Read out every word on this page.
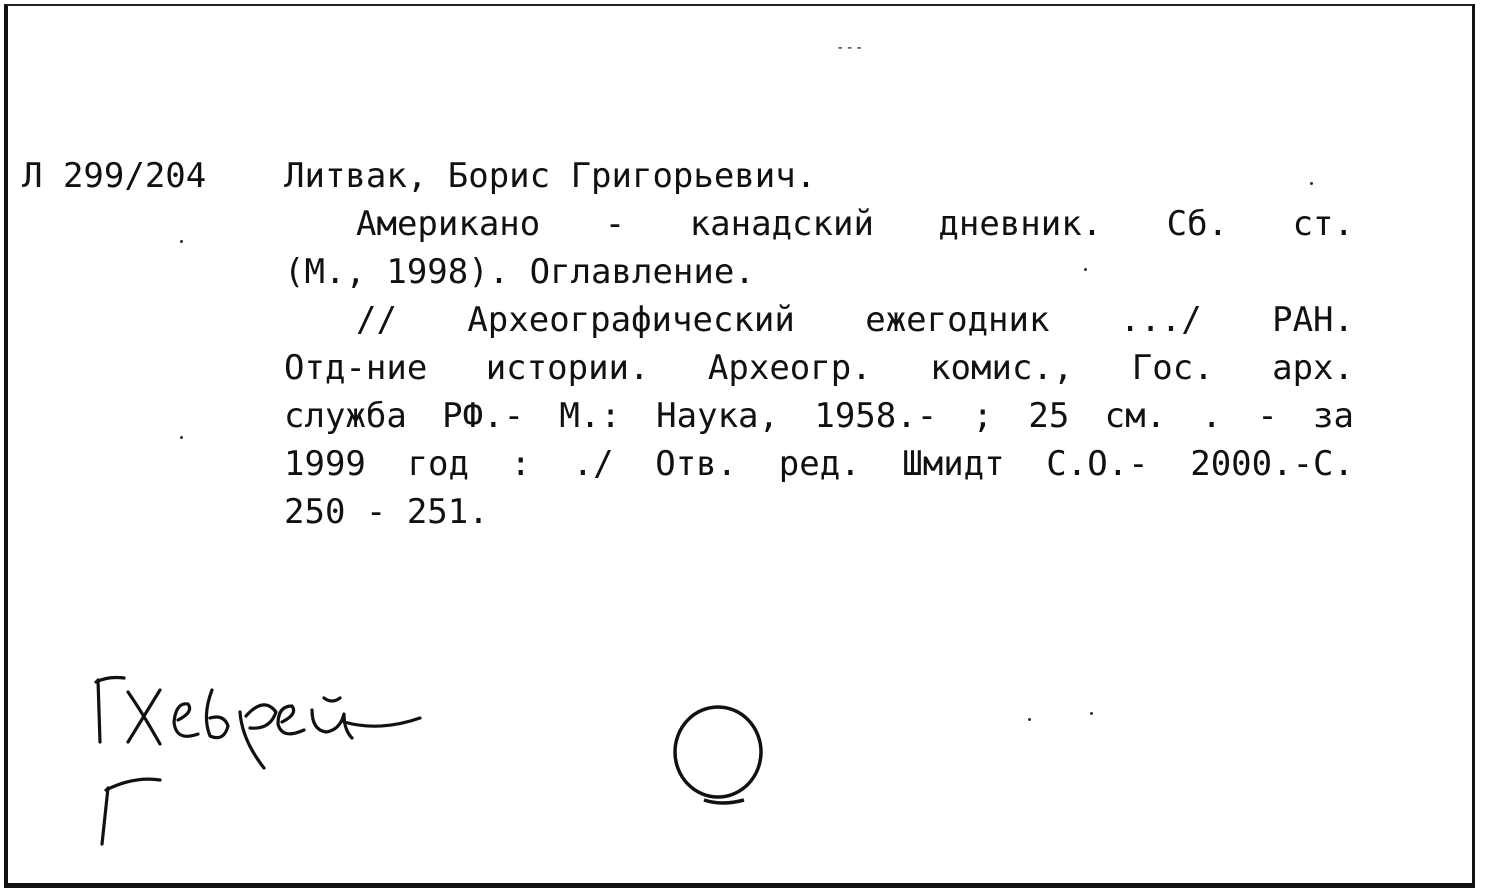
---
Л 299/204 Литвак, Борис Григорьевич.
Американо - канадский дневник. Сб. ст.
(М., 1998). Оглавление.
// Археографический ежегодник .../ РАН.
Отд-ние истории. Археогр. комис., Гос. арх.
служба РФ.- М.: Наука, 1958.- ; 25 см. . - за
1999 год : ./ Отв. ред. Шмидт С.О.- 2000.-С.
250 - 251.
